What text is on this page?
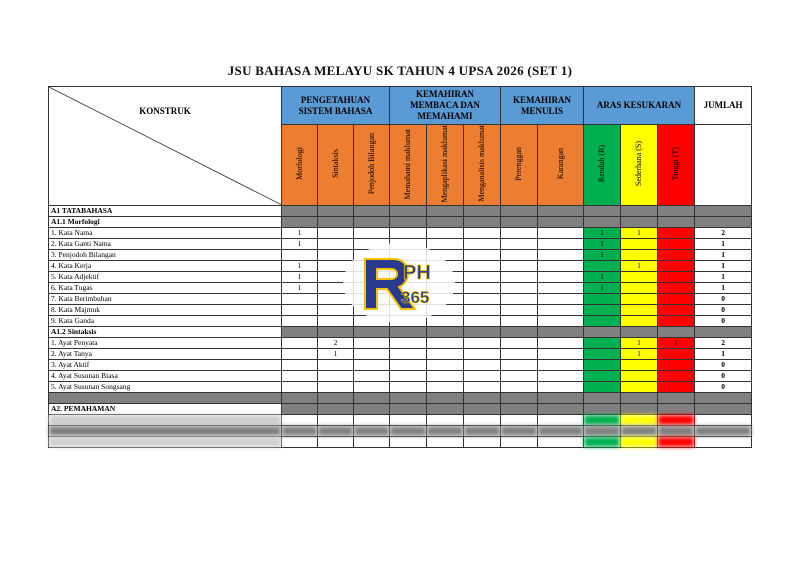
JSU BAHASA MELAYU SK TAHUN 4 UPSA 2026 (SET 1)
KONSTRUK	PENGETAHUAN SISTEM BAHASA			KEMAHIRAN MEMBACA DAN MEMAHAMI			KEMAHIRAN MENULIS		ARAS KESUKARAN			JUMLAH
	Morfologi	Sintaksis	Penjodoh Bilangan	Memahami maklumat	Mengaplikasi maklumat	Menganalisis maklumat	Perenggan	Karangan	Rendah (R)	Sederhana (S)	Tinggi (T)	
A1 TATABAHASA												
A1.1 Morfologi												
1. Kata Nama	1								1	1		2
2. Kata Ganti Nama	1								1			1
3. Penjodoh Bilangan									1			1
4. Kata Kerja	1									1		1
5. Kata Adjektif	1								1			1
6. Kata Tugas	1								1			1
7. Kata Berimbuhan												0
8. Kata Majmuk												0
9. Kata Ganda												0
A1.2 Sintaksis												
1. Ayat Penyata		2								1	1	2
2. Ayat Tanya		1								1		1
3. Ayat Aktif												0
4. Ayat Susunan Biasa												0
5. Ayat Susunan Songsang												0

A2. PEMAHAMAN												

PH
365
